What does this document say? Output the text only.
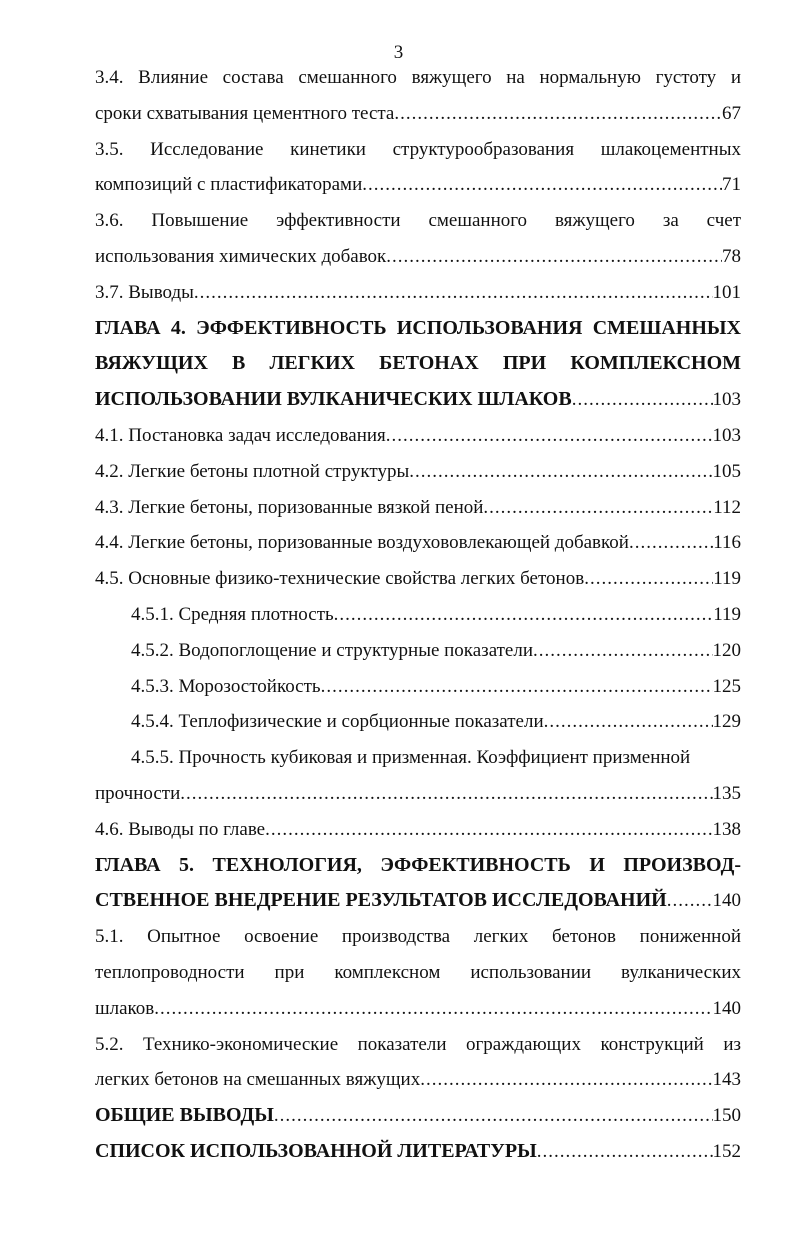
3
3.4. Влияние состава смешанного вяжущего на нормальную густоту и
сроки схватывания цементного теста .....	67
3.5. Исследование кинетики структурообразования шлакоцементных
композиций с пластификаторами .....	71
3.6. Повышение эффективности смешанного вяжущего за счет
использования химических добавок .....	78
3.7. Выводы .....	101
ГЛАВА 4. ЭФФЕКТИВНОСТЬ ИСПОЛЬЗОВАНИЯ СМЕШАННЫХ
ВЯЖУЩИХ В ЛЕГКИХ БЕТОНАХ ПРИ КОМПЛЕКСНОМ
ИСПОЛЬЗОВАНИИ ВУЛКАНИЧЕСКИХ ШЛАКОВ .....	103
4.1. Постановка задач исследования .....	103
4.2. Легкие бетоны плотной структуры .....	105
4.3. Легкие бетоны, поризованные вязкой пеной .....	112
4.4. Легкие бетоны, поризованные воздухововлекающей добавкой .....	116
4.5. Основные физико-технические свойства легких бетонов .....	119
4.5.1. Средняя плотность .....	119
4.5.2. Водопоглощение и структурные показатели .....	120
4.5.3. Морозостойкость .....	125
4.5.4. Теплофизические и сорбционные показатели .....	129
4.5.5. Прочность кубиковая и призменная. Коэффициент призменной
прочности .....	135
4.6. Выводы по главе .....	138
ГЛАВА 5. ТЕХНОЛОГИЯ, ЭФФЕКТИВНОСТЬ И ПРОИЗВОД-
СТВЕННОЕ ВНЕДРЕНИЕ РЕЗУЛЬТАТОВ ИССЛЕДОВАНИЙ ..... 140
5.1. Опытное освоение производства легких бетонов пониженной
теплопроводности при комплексном использовании вулканических
шлаков .....	140
5.2. Технико-экономические показатели ограждающих конструкций из
легких бетонов на смешанных вяжущих .....	143
ОБЩИЕ ВЫВОДЫ .....	150
СПИСОК ИСПОЛЬЗОВАННОЙ ЛИТЕРАТУРЫ .....	152
